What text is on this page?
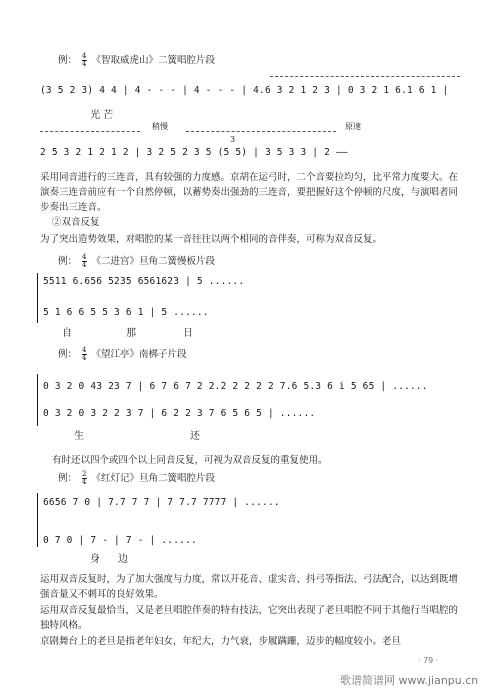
例： $\frac{4}{4}$ 《智取威虎山》二簧唱腔片段
(3 5 2 3) 4 4 | 4 - - - | 4 - - - | 4.6 3 2 1 2 3 | 0 3 2 1 6.1 6 1 |
光 芒
稍慢	原速
3
2 5 3 2 1 2 1 2 | 3 2 5 2 3 5 (5 5) | 3 5 3 3 | 2 ——
采用同音进行的三连音，具有较强的力度感。京胡在运弓时，二个音要拉均匀，比平常力度要大。在演奏三连音前应有一个自然停顿，以蓄势奏出强劲的三连音，要把握好这个停顿的尺度，与演唱者同步奏出三连音。
②双音反复
为了突出造势效果，对唱腔的某一音往往以两个相同的音伴奏，可称为双音反复。
例： $\frac{4}{4}$ 《二进宫》旦角二簧慢板片段
5511 6.656 5235 6561623 | 5 ......
5 1 6 6 5 5 3 6 1 | 5 ......
自	那	日
例： $\frac{4}{4}$ 《望江亭》南梆子片段
0 3 2 0 43 23 7 | 6 7 6 7 2 2.2 2 2 2 2 7.6 5.3 6 i 5 65 | ......
0 3 2 0 3 2 2 3 7 | 6 2 2 3 7 6 5 6 5 | ......
生	还
有时还以四个或四个以上同音反复，可视为双音反复的重复使用。
例： $\frac{2}{4}$ 《红灯记》旦角二簧唱腔片段
6656 7 0 | 7.7 7 7 | 7 7.7 7777 | ......
0 7 0 | 7 - | 7 - | ......
身 边
运用双音反复时，为了加大强度与力度，常以开花音、虚实音、抖弓等指法、弓法配合，以达到既增强音量又不刺耳的良好效果。
运用双音反复最恰当，又是老旦唱腔伴奏的特有技法，它突出表现了老旦唱腔不同于其他行当唱腔的独特风格。
京剧舞台上的老旦是指老年妇女，年纪大，力气衰，步履蹒跚，迈步的幅度较小。老旦
· 79 ·
歌谱简谱网 www.jianpu.cn
